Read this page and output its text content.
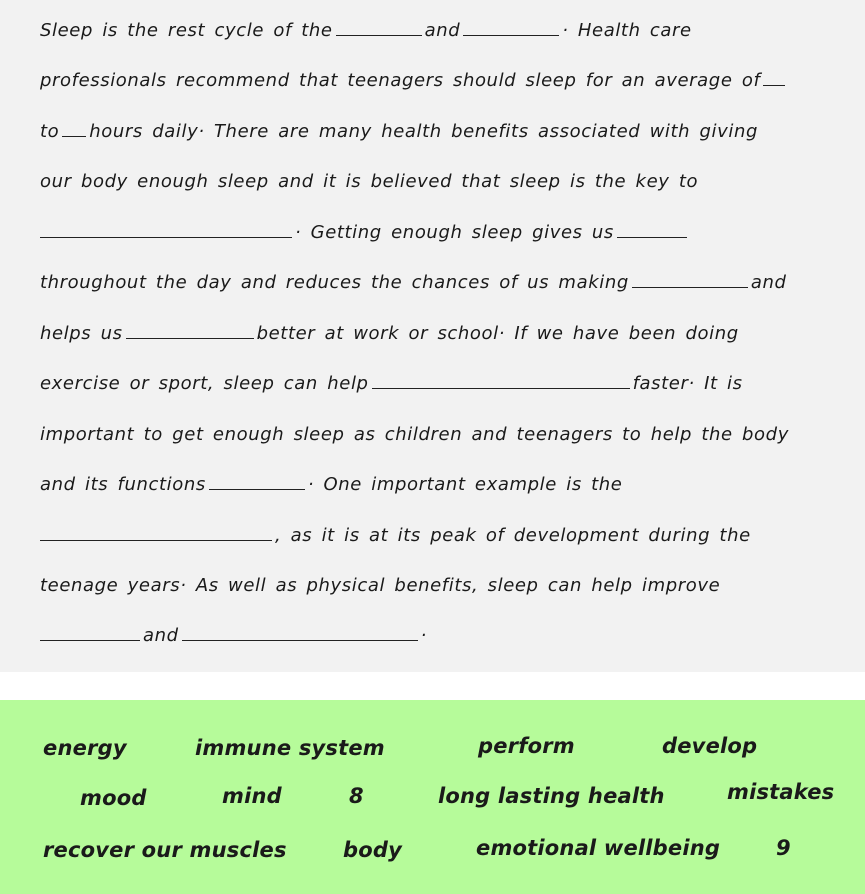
Sleep is the rest cycle of the	and	· Health care
professionals recommend that teenagers should sleep for an average of
to hours daily· There are many health benefits associated with giving
our body enough sleep and it is believed that sleep is the key to
· Getting enough sleep gives us
throughout the day and reduces the chances of us making	and
helps us	better at work or school· If we have been doing
exercise or sport, sleep can help	faster· It is
important to get enough sleep as children and teenagers to help the body
and its functions	· One important example is the
, as it is at its peak of development during the
teenage years· As well as physical benefits, sleep can help improve
and	·
energy	immune system	perform	develop
mood	mind	8	long lasting health	mistakes
recover our muscles	body	emotional wellbeing	9
